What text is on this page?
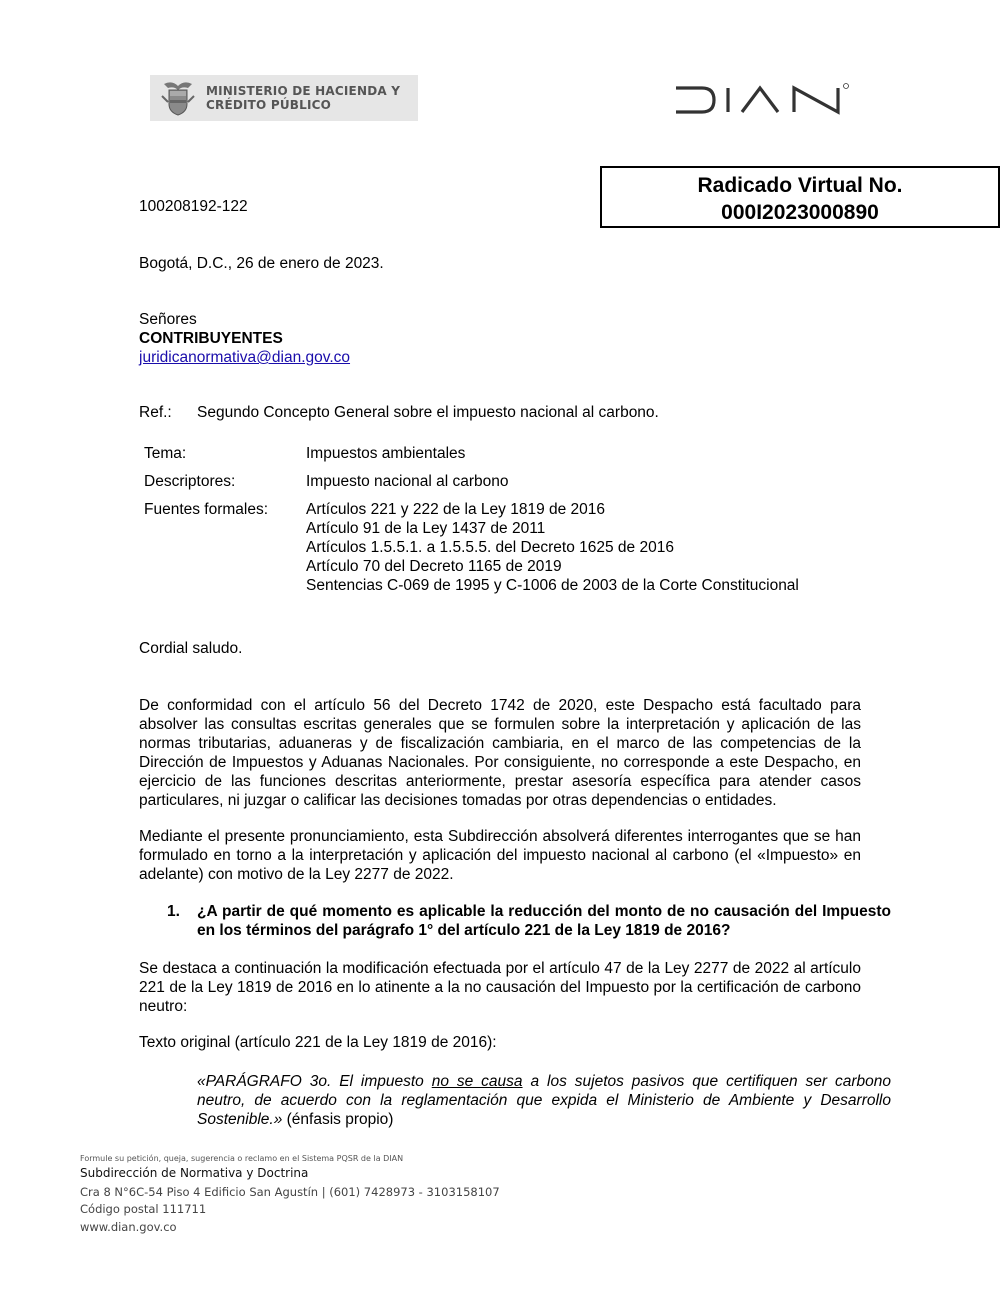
MINISTERIO DE HACIENDA Y
CRÉDITO PÚBLICO
Radicado Virtual No.
000I2023000890
100208192-122
Bogotá, D.C., 26 de enero de 2023.
Señores
CONTRIBUYENTES
juridicanormativa@dian.gov.co
Ref.: Segundo Concepto General sobre el impuesto nacional al carbono.
Tema:	Impuestos ambientales
Descriptores:	Impuesto nacional al carbono
Fuentes formales:	Artículos 221 y 222 de la Ley 1819 de 2016
Artículo 91 de la Ley 1437 de 2011
Artículos 1.5.5.1. a 1.5.5.5. del Decreto 1625 de 2016
Artículo 70 del Decreto 1165 de 2019
Sentencias C-069 de 1995 y C-1006 de 2003 de la Corte Constitucional
Cordial saludo.
De conformidad con el artículo 56 del Decreto 1742 de 2020, este Despacho está facultado para absolver las consultas escritas generales que se formulen sobre la interpretación y aplicación de las normas tributarias, aduaneras y de fiscalización cambiaria, en el marco de las competencias de la Dirección de Impuestos y Aduanas Nacionales. Por consiguiente, no corresponde a este Despacho, en ejercicio de las funciones descritas anteriormente, prestar asesoría específica para atender casos particulares, ni juzgar o calificar las decisiones tomadas por otras dependencias o entidades.
Mediante el presente pronunciamiento, esta Subdirección absolverá diferentes interrogantes que se han formulado en torno a la interpretación y aplicación del impuesto nacional al carbono (el «Impuesto» en adelante) con motivo de la Ley 2277 de 2022.
1. ¿A partir de qué momento es aplicable la reducción del monto de no causación del Impuesto en los términos del parágrafo 1° del artículo 221 de la Ley 1819 de 2016?
Se destaca a continuación la modificación efectuada por el artículo 47 de la Ley 2277 de 2022 al artículo 221 de la Ley 1819 de 2016 en lo atinente a la no causación del Impuesto por la certificación de carbono neutro:
Texto original (artículo 221 de la Ley 1819 de 2016):
«PARÁGRAFO 3o. El impuesto no se causa a los sujetos pasivos que certifiquen ser carbono neutro, de acuerdo con la reglamentación que expida el Ministerio de Ambiente y Desarrollo Sostenible.» (énfasis propio)
Formule su petición, queja, sugerencia o reclamo en el Sistema PQSR de la DIAN
Subdirección de Normativa y Doctrina
Cra 8 N°6C-54 Piso 4 Edificio San Agustín | (601) 7428973 - 3103158107
Código postal 111711
www.dian.gov.co
